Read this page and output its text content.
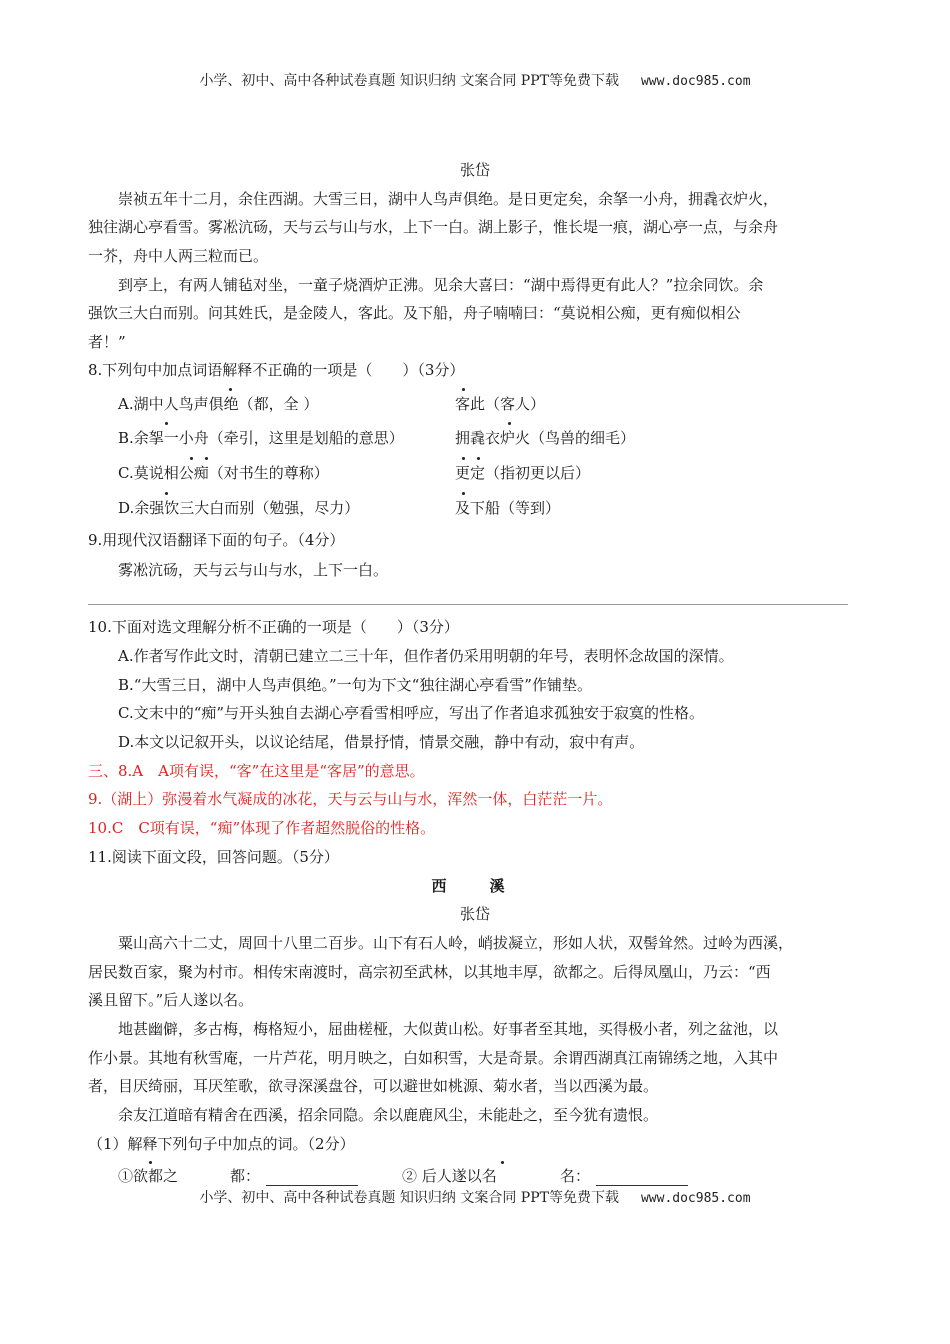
小学、初中、高中各种试卷真题 知识归纳 文案合同 PPT等免费下载 www.doc985.com
张岱
崇祯五年十二月，余住西湖。大雪三日，湖中人鸟声俱绝。是日更定矣，余拏一小舟，拥毳衣炉火，
独往湖心亭看雪。雾凇沆砀，天与云与山与水，上下一白。湖上影子，惟长堤一痕，湖心亭一点，与余舟
一芥，舟中人两三粒而已。
到亭上，有两人铺毡对坐，一童子烧酒炉正沸。见余大喜曰：“湖中焉得更有此人？”拉余同饮。余
强饮三大白而别。问其姓氏，是金陵人，客此。及下船，舟子喃喃曰：“莫说相公痴，更有痴似相公
者！”
8.下列句中加点词语解释不正确的一项是（　　）（3分）
A.湖中人鸟声俱绝（都，全 ）	客此（客人）
B.余挐一小舟（牵引，这里是划船的意思）	拥毳衣炉火（鸟兽的细毛）
C.莫说相公痴（对书生的尊称）	更定（指初更以后）
D.余强饮三大白而别（勉强，尽力）	及下船（等到）
9.用现代汉语翻译下面的句子。（4分）
雾凇沆砀，天与云与山与水，上下一白。
10.下面对选文理解分析不正确的一项是（　　）（3分）
A.作者写作此文时，清朝已建立二三十年，但作者仍采用明朝的年号，表明怀念故国的深情。
B.“大雪三日，湖中人鸟声俱绝。”一句为下文“独往湖心亭看雪”作铺垫。
C.文末中的“痴”与开头独自去湖心亭看雪相呼应，写出了作者追求孤独安于寂寞的性格。
D.本文以记叙开头，以议论结尾，借景抒情，情景交融，静中有动，寂中有声。
三、8.A　A项有误，“客”在这里是“客居”的意思。
9.（湖上）弥漫着水气凝成的冰花，天与云与山与水，浑然一体，白茫茫一片。
10.C　C项有误，“痴”体现了作者超然脱俗的性格。
11.阅读下面文段，回答问题。（5分）
西　溪
张岱
粟山高六十二丈，周回十八里二百步。山下有石人岭，峭拔凝立，形如人状，双髻耸然。过岭为西溪，
居民数百家，聚为村市。相传宋南渡时，高宗初至武林，以其地丰厚，欲都之。后得凤凰山，乃云：“西
溪且留下。”后人遂以名。
地甚幽僻，多古梅，梅格短小，屈曲槎桠，大似黄山松。好事者至其地，买得极小者，列之盆池，以
作小景。其地有秋雪庵，一片芦花，明月映之，白如积雪，大是奇景。余谓西湖真江南锦绣之地，入其中
者，目厌绮丽，耳厌笙歌，欲寻深溪盘谷，可以避世如桃源、菊水者，当以西溪为最。
余友江道暗有精舍在西溪，招余同隐。余以鹿鹿风尘，未能赴之，至今犹有遗恨。
（1）解释下列句子中加点的词。（2分）
①欲都之	都：	② 后人遂以名	名：
小学、初中、高中各种试卷真题 知识归纳 文案合同 PPT等免费下载 www.doc985.com
